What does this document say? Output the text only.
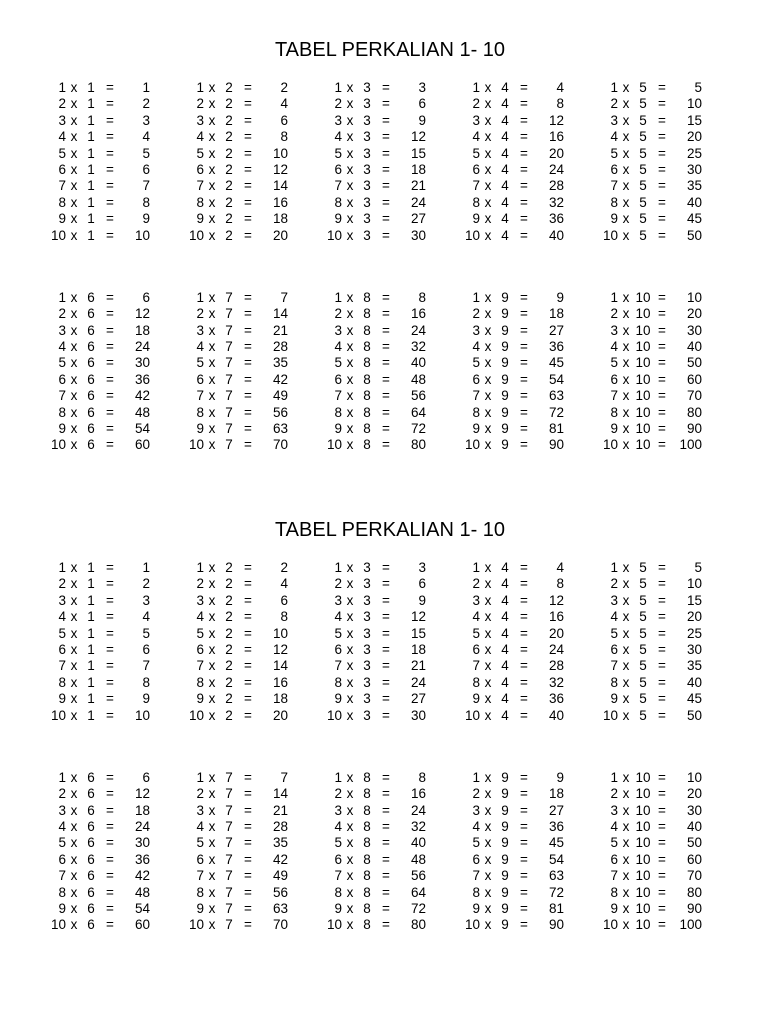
TABEL PERKALIAN 1- 10
1 x 1 =	1
2 x 1 =	2
3 x 1 =	3
4 x 1 =	4
5 x 1 =	5
6 x 1 =	6
7 x 1 =	7
8 x 1 =	8
9 x 1 =	9
10 x 1 =	10
1 x 2 =	2
2 x 2 =	4
3 x 2 =	6
4 x 2 =	8
5 x 2 =	10
6 x 2 =	12
7 x 2 =	14
8 x 2 =	16
9 x 2 =	18
10 x 2 =	20
1 x 3 =	3
2 x 3 =	6
3 x 3 =	9
4 x 3 =	12
5 x 3 =	15
6 x 3 =	18
7 x 3 =	21
8 x 3 =	24
9 x 3 =	27
10 x 3 =	30
1 x 4 =	4
2 x 4 =	8
3 x 4 =	12
4 x 4 =	16
5 x 4 =	20
6 x 4 =	24
7 x 4 =	28
8 x 4 =	32
9 x 4 =	36
10 x 4 =	40
1 x 5 =	5
2 x 5 =	10
3 x 5 =	15
4 x 5 =	20
5 x 5 =	25
6 x 5 =	30
7 x 5 =	35
8 x 5 =	40
9 x 5 =	45
10 x 5 =	50
1 x 6 =	6
2 x 6 =	12
3 x 6 =	18
4 x 6 =	24
5 x 6 =	30
6 x 6 =	36
7 x 6 =	42
8 x 6 =	48
9 x 6 =	54
10 x 6 =	60
1 x 7 =	7
2 x 7 =	14
3 x 7 =	21
4 x 7 =	28
5 x 7 =	35
6 x 7 =	42
7 x 7 =	49
8 x 7 =	56
9 x 7 =	63
10 x 7 =	70
1 x 8 =	8
2 x 8 =	16
3 x 8 =	24
4 x 8 =	32
5 x 8 =	40
6 x 8 =	48
7 x 8 =	56
8 x 8 =	64
9 x 8 =	72
10 x 8 =	80
1 x 9 =	9
2 x 9 =	18
3 x 9 =	27
4 x 9 =	36
5 x 9 =	45
6 x 9 =	54
7 x 9 =	63
8 x 9 =	72
9 x 9 =	81
10 x 9 =	90
1 x 10 =	10
2 x 10 =	20
3 x 10 =	30
4 x 10 =	40
5 x 10 =	50
6 x 10 =	60
7 x 10 =	70
8 x 10 =	80
9 x 10 =	90
10 x 10 =	100
TABEL PERKALIAN 1- 10
1 x 1 =	1
2 x 1 =	2
3 x 1 =	3
4 x 1 =	4
5 x 1 =	5
6 x 1 =	6
7 x 1 =	7
8 x 1 =	8
9 x 1 =	9
10 x 1 =	10
1 x 2 =	2
2 x 2 =	4
3 x 2 =	6
4 x 2 =	8
5 x 2 =	10
6 x 2 =	12
7 x 2 =	14
8 x 2 =	16
9 x 2 =	18
10 x 2 =	20
1 x 3 =	3
2 x 3 =	6
3 x 3 =	9
4 x 3 =	12
5 x 3 =	15
6 x 3 =	18
7 x 3 =	21
8 x 3 =	24
9 x 3 =	27
10 x 3 =	30
1 x 4 =	4
2 x 4 =	8
3 x 4 =	12
4 x 4 =	16
5 x 4 =	20
6 x 4 =	24
7 x 4 =	28
8 x 4 =	32
9 x 4 =	36
10 x 4 =	40
1 x 5 =	5
2 x 5 =	10
3 x 5 =	15
4 x 5 =	20
5 x 5 =	25
6 x 5 =	30
7 x 5 =	35
8 x 5 =	40
9 x 5 =	45
10 x 5 =	50
1 x 6 =	6
2 x 6 =	12
3 x 6 =	18
4 x 6 =	24
5 x 6 =	30
6 x 6 =	36
7 x 6 =	42
8 x 6 =	48
9 x 6 =	54
10 x 6 =	60
1 x 7 =	7
2 x 7 =	14
3 x 7 =	21
4 x 7 =	28
5 x 7 =	35
6 x 7 =	42
7 x 7 =	49
8 x 7 =	56
9 x 7 =	63
10 x 7 =	70
1 x 8 =	8
2 x 8 =	16
3 x 8 =	24
4 x 8 =	32
5 x 8 =	40
6 x 8 =	48
7 x 8 =	56
8 x 8 =	64
9 x 8 =	72
10 x 8 =	80
1 x 9 =	9
2 x 9 =	18
3 x 9 =	27
4 x 9 =	36
5 x 9 =	45
6 x 9 =	54
7 x 9 =	63
8 x 9 =	72
9 x 9 =	81
10 x 9 =	90
1 x 10 =	10
2 x 10 =	20
3 x 10 =	30
4 x 10 =	40
5 x 10 =	50
6 x 10 =	60
7 x 10 =	70
8 x 10 =	80
9 x 10 =	90
10 x 10 =	100
